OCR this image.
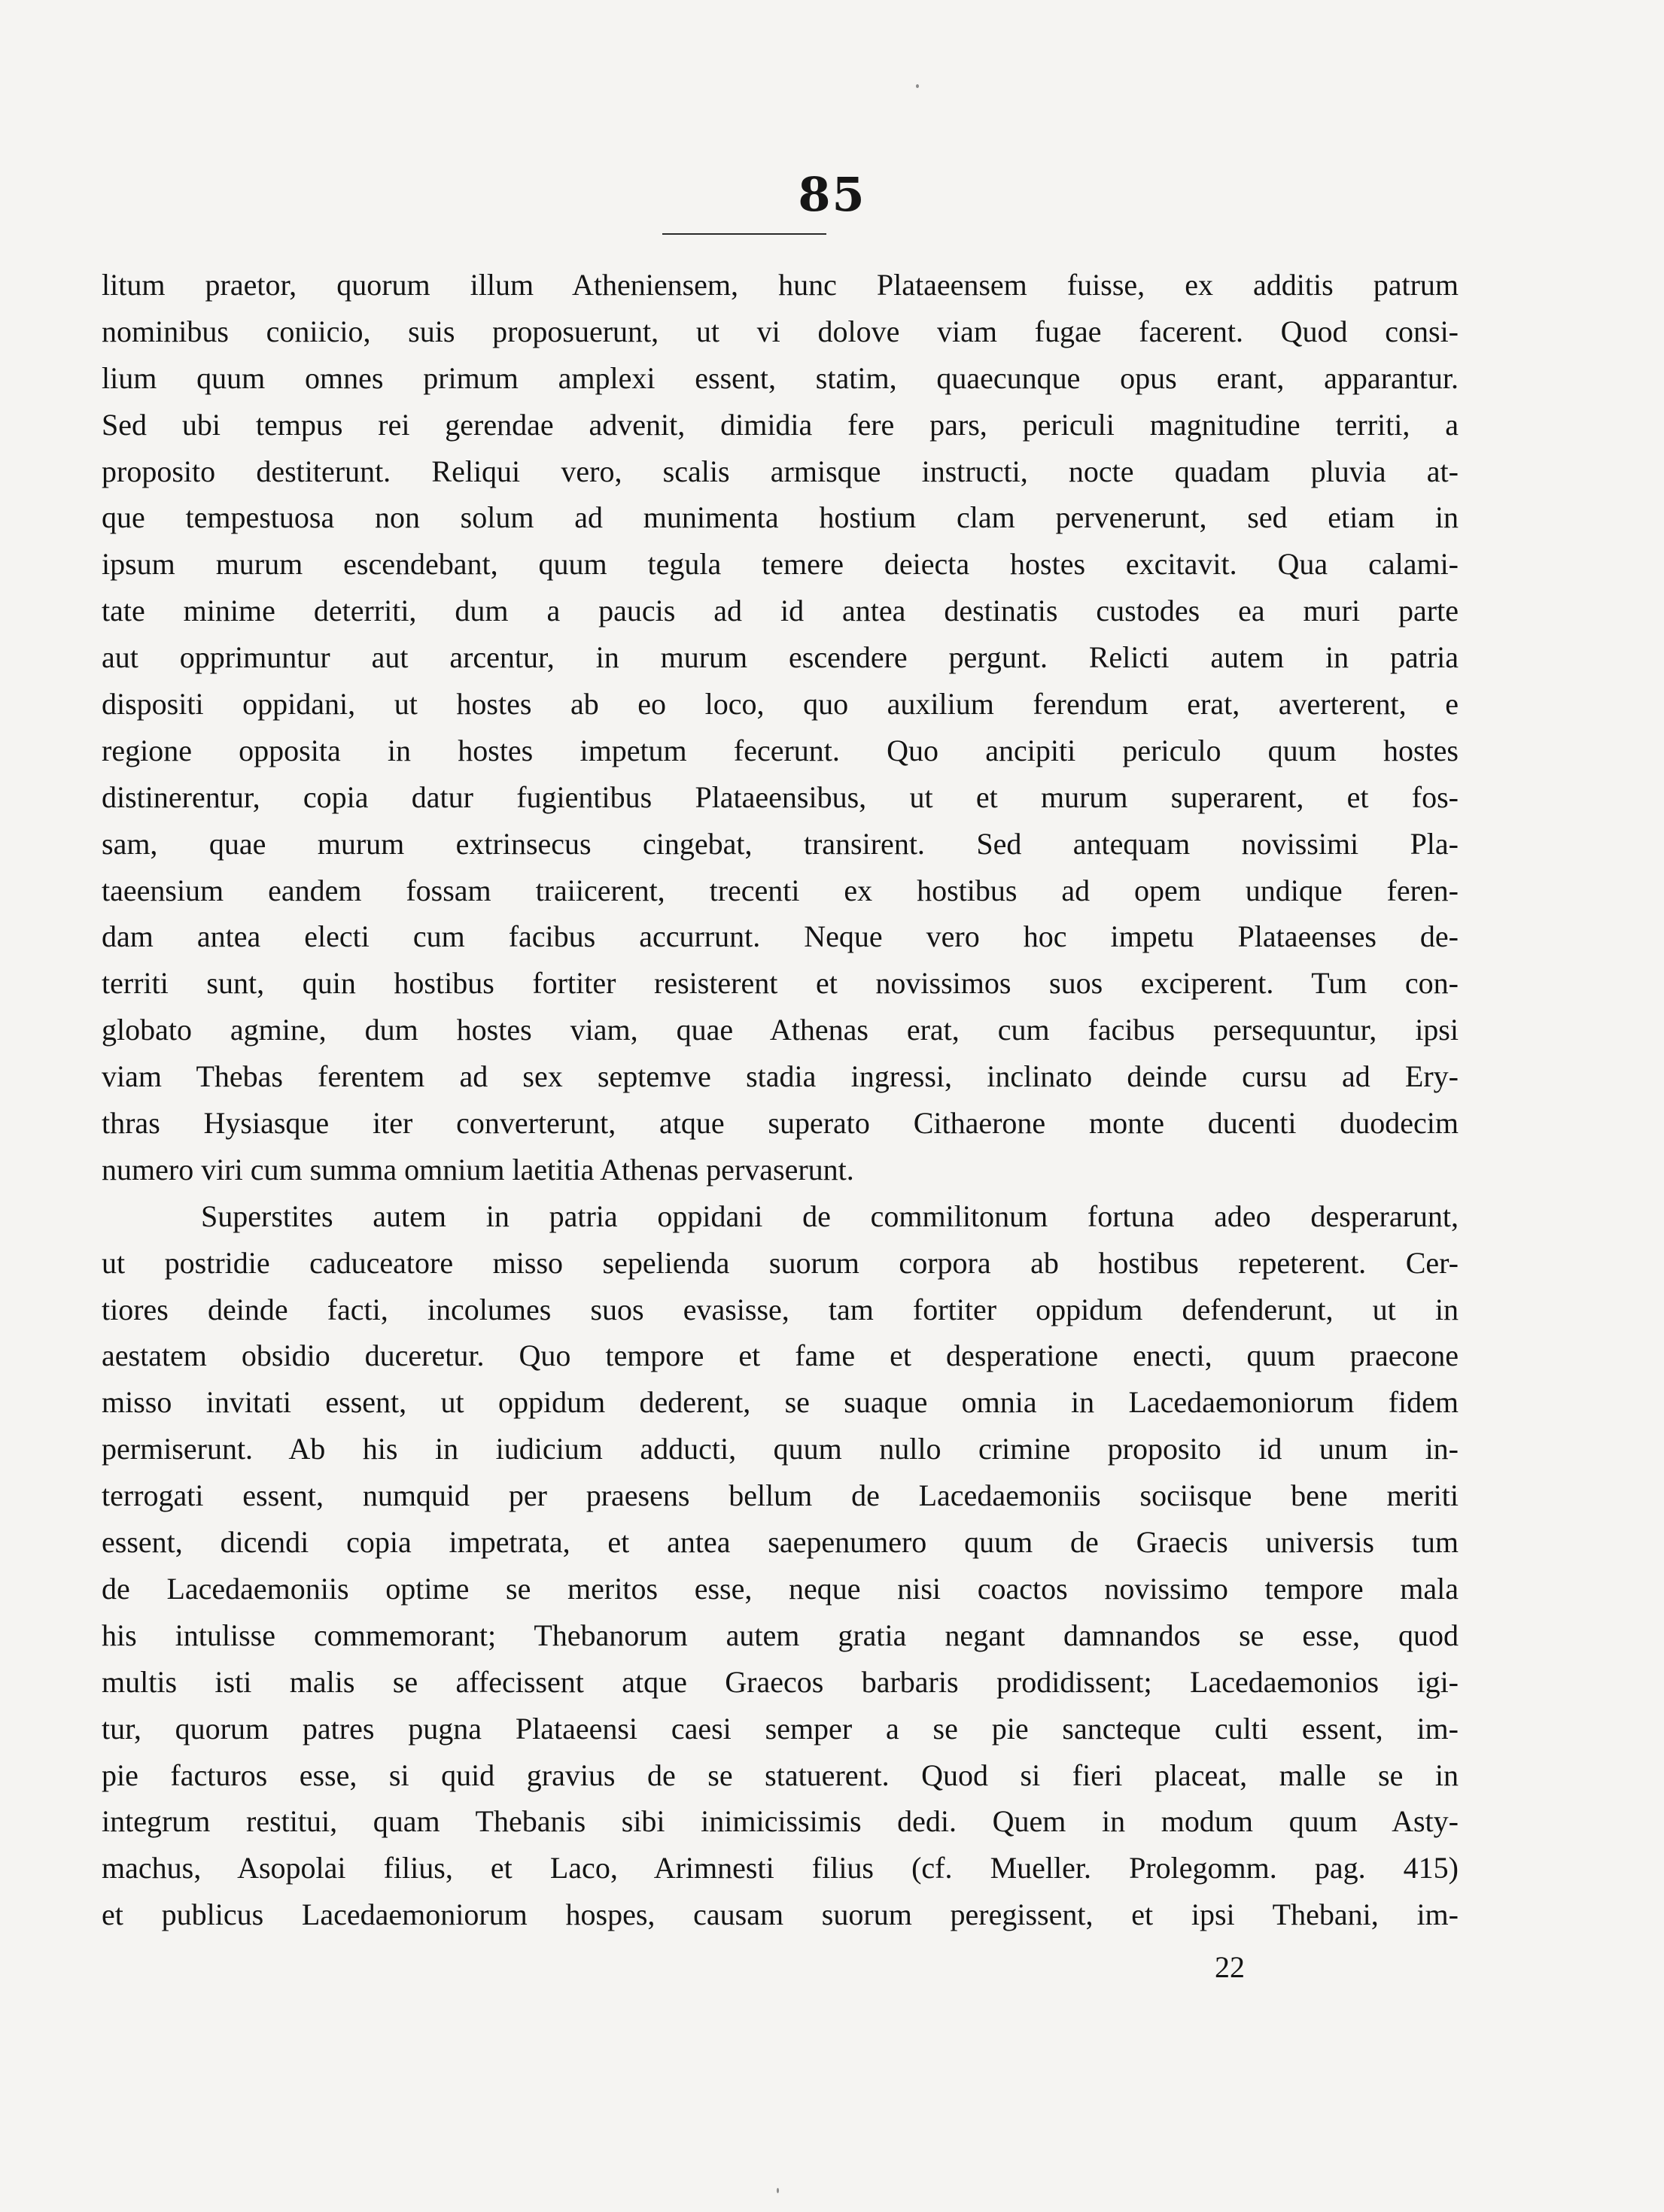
85
litum praetor, quorum illum Atheniensem, hunc Plataeensem fuisse, ex additis patrum
nominibus coniicio, suis proposuerunt, ut vi dolove viam fugae facerent. Quod consi-
lium quum omnes primum amplexi essent, statim, quaecunque opus erant, apparantur.
Sed ubi tempus rei gerendae advenit, dimidia fere pars, periculi magnitudine territi, a
proposito destiterunt. Reliqui vero, scalis armisque instructi, nocte quadam pluvia at-
que tempestuosa non solum ad munimenta hostium clam pervenerunt, sed etiam in
ipsum murum escendebant, quum tegula temere deiecta hostes excitavit. Qua calami-
tate minime deterriti, dum a paucis ad id antea destinatis custodes ea muri parte
aut opprimuntur aut arcentur, in murum escendere pergunt. Relicti autem in patria
dispositi oppidani, ut hostes ab eo loco, quo auxilium ferendum erat, averterent, e
regione opposita in hostes impetum fecerunt. Quo ancipiti periculo quum hostes
distinerentur, copia datur fugientibus Plataeensibus, ut et murum superarent, et fos-
sam, quae murum extrinsecus cingebat, transirent. Sed antequam novissimi Pla-
taeensium eandem fossam traiicerent, trecenti ex hostibus ad opem undique feren-
dam antea electi cum facibus accurrunt. Neque vero hoc impetu Plataeenses de-
territi sunt, quin hostibus fortiter resisterent et novissimos suos exciperent. Tum con-
globato agmine, dum hostes viam, quae Athenas erat, cum facibus persequuntur, ipsi
viam Thebas ferentem ad sex septemve stadia ingressi, inclinato deinde cursu ad Ery-
thras Hysiasque iter converterunt, atque superato Cithaerone monte ducenti duodecim
numero viri cum summa omnium laetitia Athenas pervaserunt.
Superstites autem in patria oppidani de commilitonum fortuna adeo desperarunt,
ut postridie caduceatore misso sepelienda suorum corpora ab hostibus repeterent. Cer-
tiores deinde facti, incolumes suos evasisse, tam fortiter oppidum defenderunt, ut in
aestatem obsidio duceretur. Quo tempore et fame et desperatione enecti, quum praecone
misso invitati essent, ut oppidum dederent, se suaque omnia in Lacedaemoniorum fidem
permiserunt. Ab his in iudicium adducti, quum nullo crimine proposito id unum in-
terrogati essent, numquid per praesens bellum de Lacedaemoniis sociisque bene meriti
essent, dicendi copia impetrata, et antea saepenumero quum de Graecis universis tum
de Lacedaemoniis optime se meritos esse, neque nisi coactos novissimo tempore mala
his intulisse commemorant; Thebanorum autem gratia negant damnandos se esse, quod
multis isti malis se affecissent atque Graecos barbaris prodidissent; Lacedaemonios igi-
tur, quorum patres pugna Plataeensi caesi semper a se pie sancteque culti essent, im-
pie facturos esse, si quid gravius de se statuerent. Quod si fieri placeat, malle se in
integrum restitui, quam Thebanis sibi inimicissimis dedi. Quem in modum quum Asty-
machus, Asopolai filius, et Laco, Arimnesti filius (cf. Mueller. Prolegomm. pag. 415)
et publicus Lacedaemoniorum hospes, causam suorum peregissent, et ipsi Thebani, im-
22
